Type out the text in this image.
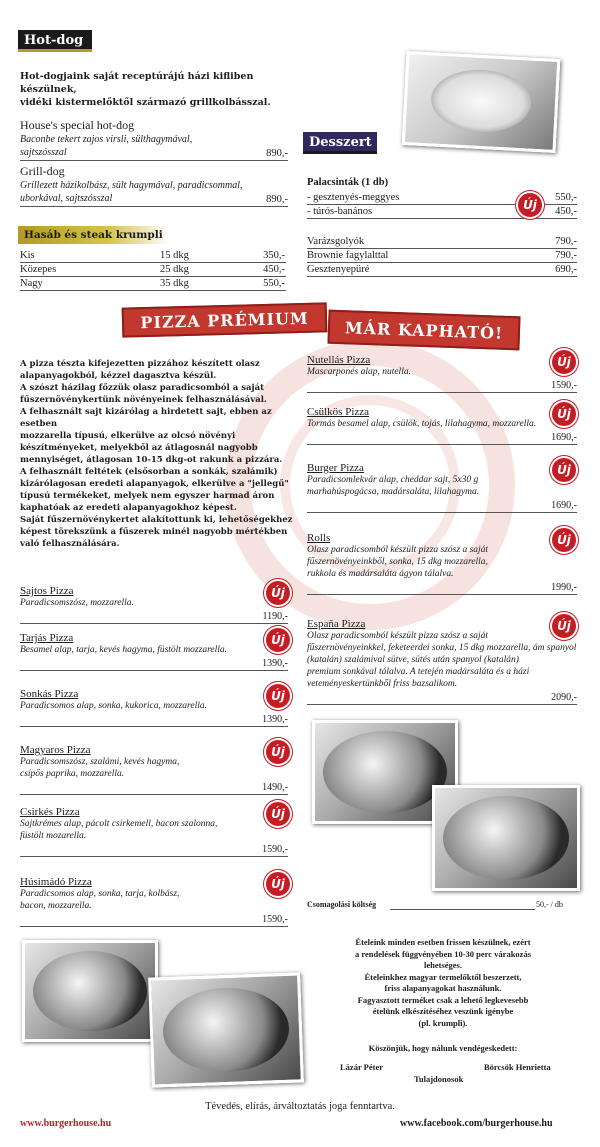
Hot-dog
Hot-dogjaink saját receptúrájú házi kifliben készülnek,
vidéki kistermelőktől származó grillkolbásszal.
House's special hot-dog
Baconbe tekert zajos virsli, sülthagymával,
sajtszósszal	890,-
Grill-dog
Grillezett házikolbász, sült hagymával, paradicsommal,
uborkával, sajtszósszal	890,-
Hasáb és steak krumpli
Kis	15 dkg	350,-
Közepes	25 dkg	450,-
Nagy	35 dkg	550,-
Desszert
Palacsinták (1 db)
- gesztenyés-meggyes	550,-
- túrós-banános	450,-
Új
Varázsgolyók	790,-
Brownie fagylalttal	790,-
Gesztenyepüré	690,-
PIZZA PRÉMIUM	MÁR KAPHATÓ!
A pizza tészta kifejezetten pizzához készített olasz
alapanyagokból, kézzel dagasztva készül.
A szószt házilag főzzük olasz paradicsomból a saját
fűszernövénykertünk növényeinek felhasználásával.
A felhasznált sajt kizárólag a hirdetett sajt, ebben az esetben
mozzarella típusú, elkerülve az olcsó növényi
készítményeket, melyekből az átlagosnál nagyobb
mennyiséget, átlagosan 10-15 dkg-ot rakunk a pizzára.
A felhasznált feltétek (elsősorban a sonkák, szalámik)
kizárólagosan eredeti alapanyagok, elkerülve a "jellegű"
típusú termékeket, melyek nem egyszer harmad áron
kaphatóak az eredeti alapanyagokhoz képest.
Saját fűszernövénykertet alakítottunk ki, lehetőségekhez
képest törekszünk a fűszerek minél nagyobb mértékben
való felhasználására.
Sajtos Pizza
Paradicsomszósz, mozzarella.
1190,-
Új
Tarjás Pizza
Besamel alap, tarja, kevés hagyma, füstölt mozzarella.
1390,-
Új
Sonkás Pizza
Paradicsomos alap, sonka, kukorica, mozzarella.
1390,-
Új
Magyaros Pizza
Paradicsomszósz, szalámi, kevés hagyma,
csípős paprika, mozzarella.
1490,-
Új
Csirkés Pizza
Sajtkrémes alap, pácolt csirkemell, bacon szalonna,
füstölt mozarella.
1590,-
Új
Húsimádó Pizza
Paradicsomos alap, sonka, tarja, kolbász,
bacon, mozzarella.
1590,-
Új
Nutellás Pizza
Mascarponés alap, nutella.
1590,-
Új
Csülkös Pizza
Tormás besamel alap, csülök, tojás, lilahagyma, mozzarella.
1690,-
Új
Burger Pizza
Paradicsomlekvár alap, cheddar sajt, 5x30 g
marhahúspogácsa, madársaláta, lilahagyma.
1690,-
Új
Rolls
Olasz paradicsomból készült pizza szósz a saját
fűszernövényeinkből, sonka, 15 dkg mozzarella,
rukkola és madársaláta ágyon tálalva.
1990,-
Új
España Pizza
Olasz paradicsomból készült pizza szósz a saját
fűszernövényeinkkel, feketeerdei sonka, 15 dkg mozzarella, ám spanyol
(katalán) szalámival sütve, sütés után spanyol (katalán)
premium sonkával tálalva. A tetején madársaláta és a házi
veteményeskertünkből friss bazsalikom.
2090,-
Új
Csomagolási költség	50,- / db
Ételeink minden esetben frissen készülnek, ezért
a rendelések függvényében 10-30 perc várakozás
lehetséges.
Ételeinkhez magyar termelőktől beszerzett,
friss alapanyagokat használunk.
Fagyasztott terméket csak a lehető legkevesebb
ételünk elkészítéséhez veszünk igénybe
(pl. krumpli).
Köszönjük, hogy nálunk vendégeskedett:
Lázár Péter	Börcsök Henrietta
Tulajdonosok
Tévedés, elírás, árváltoztatás joga fenntartva.
www.burgerhouse.hu	www.facebook.com/burgerhouse.hu
